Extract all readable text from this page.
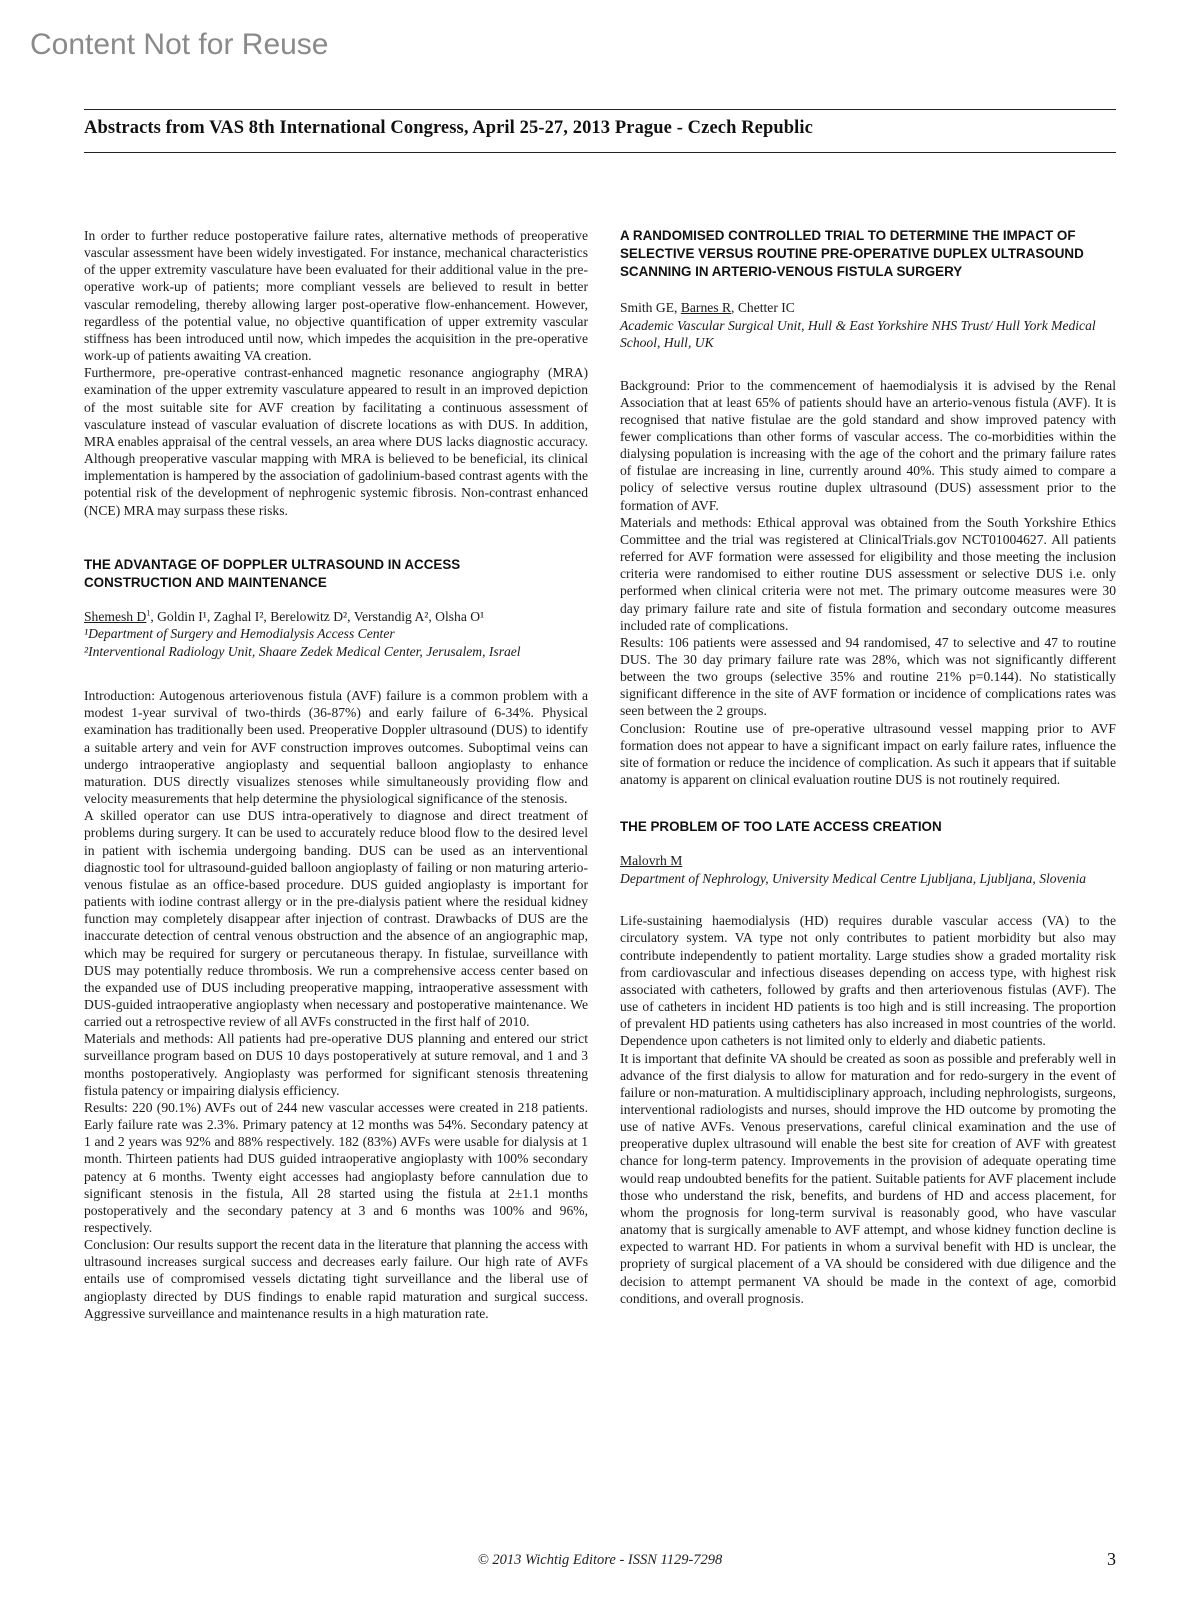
Content Not for Reuse
Abstracts from VAS 8th International Congress, April 25-27, 2013 Prague - Czech Republic

In order to further reduce postoperative failure rates, alternative methods of preoperative vascular assessment have been widely investigated. For instance, mechanical characteristics of the upper extremity vasculature have been evaluated for their additional value in the pre-operative work-up of patients; more compliant vessels are believed to result in better vascular remodeling, thereby allowing larger post-operative flow-enhancement. However, regardless of the potential value, no objective quantification of upper extremity vascular stiffness has been introduced until now, which impedes the acquisition in the pre-operative work-up of patients awaiting VA creation.

Furthermore, pre-operative contrast-enhanced magnetic resonance angiography (MRA) examination of the upper extremity vasculature appeared to result in an improved depiction of the most suitable site for AVF creation by facilitating a continuous assessment of vasculature instead of vascular evaluation of discrete locations as with DUS. In addition, MRA enables appraisal of the central vessels, an area where DUS lacks diagnostic accuracy. Although preoperative vascular mapping with MRA is believed to be beneficial, its clinical implementation is hampered by the association of gadolinium-based contrast agents with the potential risk of the development of nephrogenic systemic fibrosis. Non-contrast enhanced (NCE) MRA may surpass these risks.

THE ADVANTAGE OF DOPPLER ULTRASOUND IN ACCESS
CONSTRUCTION AND MAINTENANCE
Shemesh $D^1$, Goldin I¹, Zaghal I², Berelowitz D², Verstandig A², Olsha O¹
¹Department of Surgery and Hemodialysis Access Center
²Interventional Radiology Unit, Shaare Zedek Medical Center, Jerusalem, Israel

Introduction: Autogenous arteriovenous fistula (AVF) failure is a common problem with a modest 1-year survival of two-thirds (36-87%) and early failure of 6-34%. Physical examination has traditionally been used. Preoperative Doppler ultrasound (DUS) to identify a suitable artery and vein for AVF construction improves outcomes. Suboptimal veins can undergo intraoperative angioplasty and sequential balloon angioplasty to enhance maturation. DUS directly visualizes stenoses while simultaneously providing flow and velocity measurements that help determine the physiological significance of the stenosis.

A skilled operator can use DUS intra-operatively to diagnose and direct treatment of problems during surgery. It can be used to accurately reduce blood flow to the desired level in patient with ischemia undergoing banding. DUS can be used as an interventional diagnostic tool for ultrasound-guided balloon angioplasty of failing or non maturing arterio-venous fistulae as an office-based procedure. DUS guided angioplasty is important for patients with iodine contrast allergy or in the pre-dialysis patient where the residual kidney function may completely disappear after injection of contrast. Drawbacks of DUS are the inaccurate detection of central venous obstruction and the absence of an angiographic map, which may be required for surgery or percutaneous therapy. In fistulae, surveillance with DUS may potentially reduce thrombosis. We run a comprehensive access center based on the expanded use of DUS including preoperative mapping, intraoperative assessment with DUS-guided intraoperative angioplasty when necessary and postoperative maintenance. We carried out a retrospective review of all AVFs constructed in the first half of 2010.

Materials and methods: All patients had pre-operative DUS planning and entered our strict surveillance program based on DUS 10 days postoperatively at suture removal, and 1 and 3 months postoperatively. Angioplasty was performed for significant stenosis threatening fistula patency or impairing dialysis efficiency.

Results: 220 (90.1%) AVFs out of 244 new vascular accesses were created in 218 patients. Early failure rate was 2.3%. Primary patency at 12 months was 54%. Secondary patency at 1 and 2 years was 92% and 88% respectively. 182 (83%) AVFs were usable for dialysis at 1 month. Thirteen patients had DUS guided intraoperative angioplasty with 100% secondary patency at 6 months. Twenty eight accesses had angioplasty before cannulation due to significant stenosis in the fistula, All 28 started using the fistula at 2±1.1 months postoperatively and the secondary patency at 3 and 6 months was 100% and 96%, respectively.

Conclusion: Our results support the recent data in the literature that planning the access with ultrasound increases surgical success and decreases early failure. Our high rate of AVFs entails use of compromised vessels dictating tight surveillance and the liberal use of angioplasty directed by DUS findings to enable rapid maturation and surgical success. Aggressive surveillance and maintenance results in a high maturation rate.

A RANDOMISED CONTROLLED TRIAL TO DETERMINE THE IMPACT OF
SELECTIVE VERSUS ROUTINE PRE-OPERATIVE DUPLEX ULTRASOUND
SCANNING IN ARTERIO-VENOUS FISTULA SURGERY
Smith GE, Barnes R, Chetter IC
Academic Vascular Surgical Unit, Hull & East Yorkshire NHS Trust/ Hull York Medical School, Hull, UK

Background: Prior to the commencement of haemodialysis it is advised by the Renal Association that at least 65% of patients should have an arterio-venous fistula (AVF). It is recognised that native fistulae are the gold standard and show improved patency with fewer complications than other forms of vascular access. The co-morbidities within the dialysing population is increasing with the age of the cohort and the primary failure rates of fistulae are increasing in line, currently around 40%. This study aimed to compare a policy of selective versus routine duplex ultrasound (DUS) assessment prior to the formation of AVF.

Materials and methods: Ethical approval was obtained from the South Yorkshire Ethics Committee and the trial was registered at ClinicalTrials.gov NCT01004627. All patients referred for AVF formation were assessed for eligibility and those meeting the inclusion criteria were randomised to either routine DUS assessment or selective DUS i.e. only performed when clinical criteria were not met. The primary outcome measures were 30 day primary failure rate and site of fistula formation and secondary outcome measures included rate of complications.

Results: 106 patients were assessed and 94 randomised, 47 to selective and 47 to routine DUS. The 30 day primary failure rate was 28%, which was not significantly different between the two groups (selective 35% and routine 21% p=0.144). No statistically significant difference in the site of AVF formation or incidence of complications rates was seen between the 2 groups.

Conclusion: Routine use of pre-operative ultrasound vessel mapping prior to AVF formation does not appear to have a significant impact on early failure rates, influence the site of formation or reduce the incidence of complication. As such it appears that if suitable anatomy is apparent on clinical evaluation routine DUS is not routinely required.

THE PROBLEM OF TOO LATE ACCESS CREATION
Malovrh M
Department of Nephrology, University Medical Centre Ljubljana, Ljubljana, Slovenia

Life-sustaining haemodialysis (HD) requires durable vascular access (VA) to the circulatory system. VA type not only contributes to patient morbidity but also may contribute independently to patient mortality. Large studies show a graded mortality risk from cardiovascular and infectious diseases depending on access type, with highest risk associated with catheters, followed by grafts and then arteriovenous fistulas (AVF). The use of catheters in incident HD patients is too high and is still increasing. The proportion of prevalent HD patients using catheters has also increased in most countries of the world. Dependence upon catheters is not limited only to elderly and diabetic patients.

It is important that definite VA should be created as soon as possible and preferably well in advance of the first dialysis to allow for maturation and for redo-surgery in the event of failure or non-maturation. A multidisciplinary approach, including nephrologists, surgeons, interventional radiologists and nurses, should improve the HD outcome by promoting the use of native AVFs. Venous preservations, careful clinical examination and the use of preoperative duplex ultrasound will enable the best site for creation of AVF with greatest chance for long-term patency. Improvements in the provision of adequate operating time would reap undoubted benefits for the patient. Suitable patients for AVF placement include those who understand the risk, benefits, and burdens of HD and access placement, for whom the prognosis for long-term survival is reasonably good, who have vascular anatomy that is surgically amenable to AVF attempt, and whose kidney function decline is expected to warrant HD. For patients in whom a survival benefit with HD is unclear, the propriety of surgical placement of a VA should be considered with due diligence and the decision to attempt permanent VA should be made in the context of age, comorbid conditions, and overall prognosis.

© 2013 Wichtig Editore - ISSN 1129-7298	3
